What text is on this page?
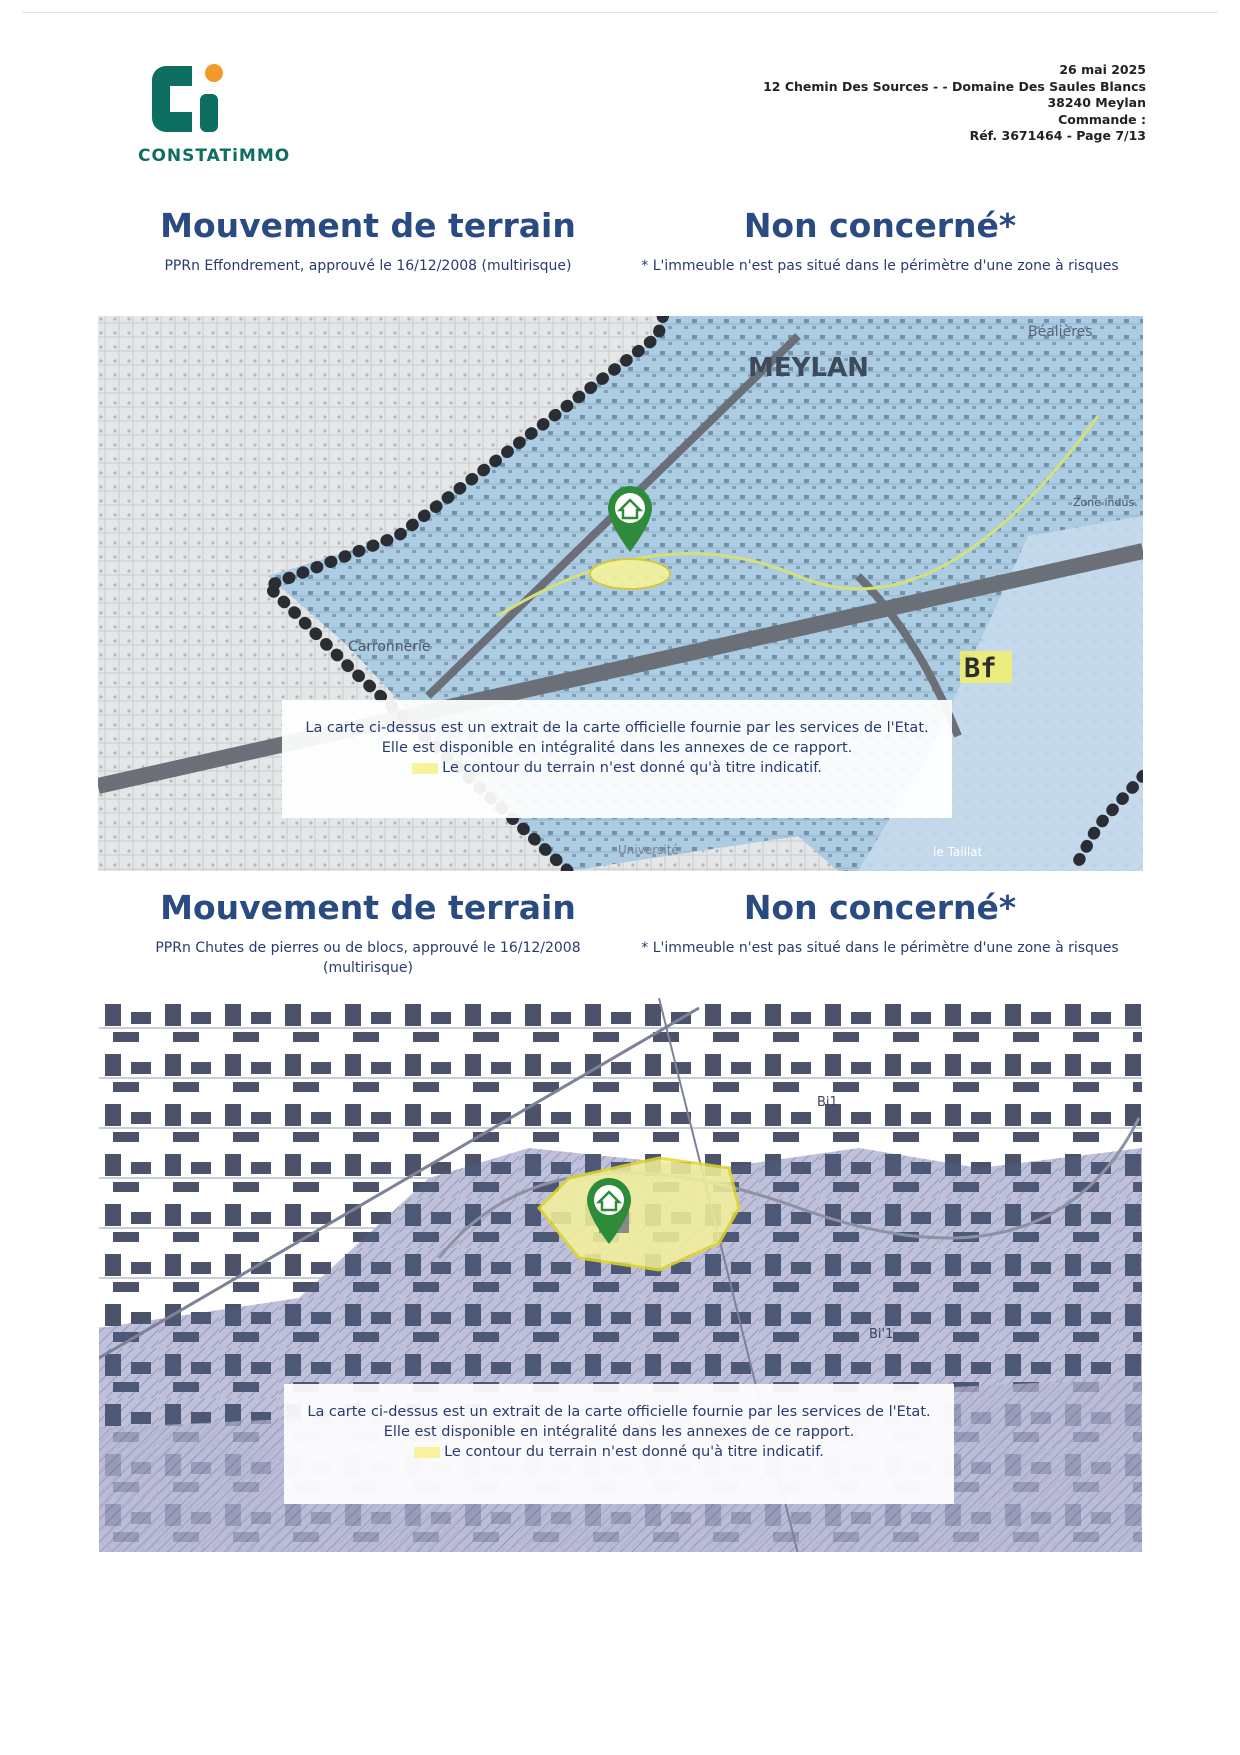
CONSTATiMMO
26 mai 2025
12 Chemin Des Sources - - Domaine Des Saules Blancs
38240 Meylan
Commande :
Réf. 3671464 - Page 7/13
Mouvement de terrain
PPRn Effondrement, approuvé le 16/12/2008 (multirisque)
Non concerné*
* L'immeuble n'est pas situé dans le périmètre d'une zone à risques
MEYLAN
Béalières
Carronnerie
Zone indus.
le Taillat
Université
Bf
La carte ci-dessus est un extrait de la carte officielle fournie par les services de l'Etat.
Elle est disponible en intégralité dans les annexes de ce rapport.
Le contour du terrain n'est donné qu'à titre indicatif.
Mouvement de terrain
PPRn Chutes de pierres ou de blocs, approuvé le 16/12/2008 (multirisque)
Non concerné*
* L'immeuble n'est pas situé dans le périmètre d'une zone à risques
Bi1
Bi'1
La carte ci-dessus est un extrait de la carte officielle fournie par les services de l'Etat.
Elle est disponible en intégralité dans les annexes de ce rapport.
Le contour du terrain n'est donné qu'à titre indicatif.
